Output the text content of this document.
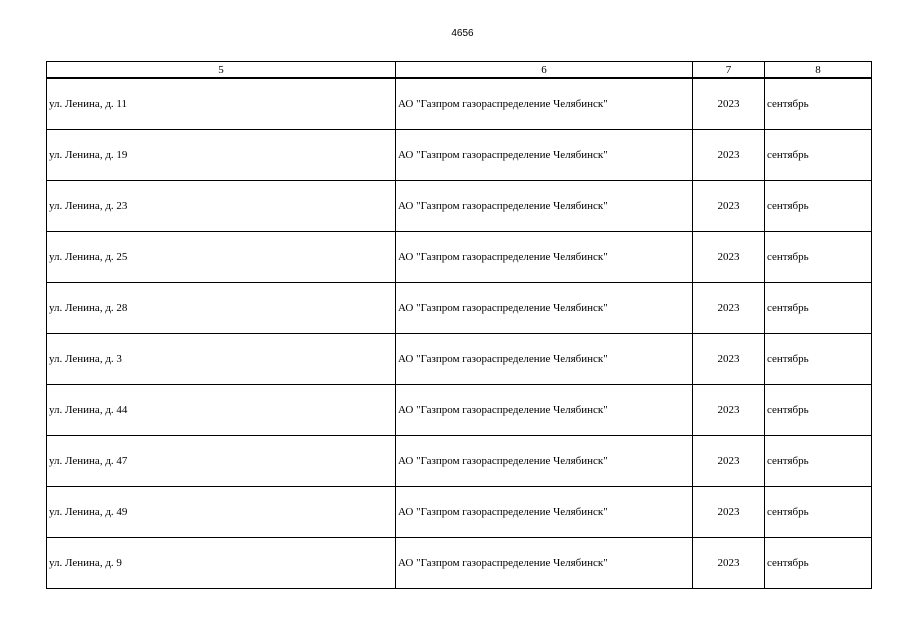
4656
5	6	7	8
ул. Ленина, д. 11	АО "Газпром газораспределение Челябинск"	2023	сентябрь
ул. Ленина, д. 19	АО "Газпром газораспределение Челябинск"	2023	сентябрь
ул. Ленина, д. 23	АО "Газпром газораспределение Челябинск"	2023	сентябрь
ул. Ленина, д. 25	АО "Газпром газораспределение Челябинск"	2023	сентябрь
ул. Ленина, д. 28	АО "Газпром газораспределение Челябинск"	2023	сентябрь
ул. Ленина, д. 3	АО "Газпром газораспределение Челябинск"	2023	сентябрь
ул. Ленина, д. 44	АО "Газпром газораспределение Челябинск"	2023	сентябрь
ул. Ленина, д. 47	АО "Газпром газораспределение Челябинск"	2023	сентябрь
ул. Ленина, д. 49	АО "Газпром газораспределение Челябинск"	2023	сентябрь
ул. Ленина, д. 9	АО "Газпром газораспределение Челябинск"	2023	сентябрь
